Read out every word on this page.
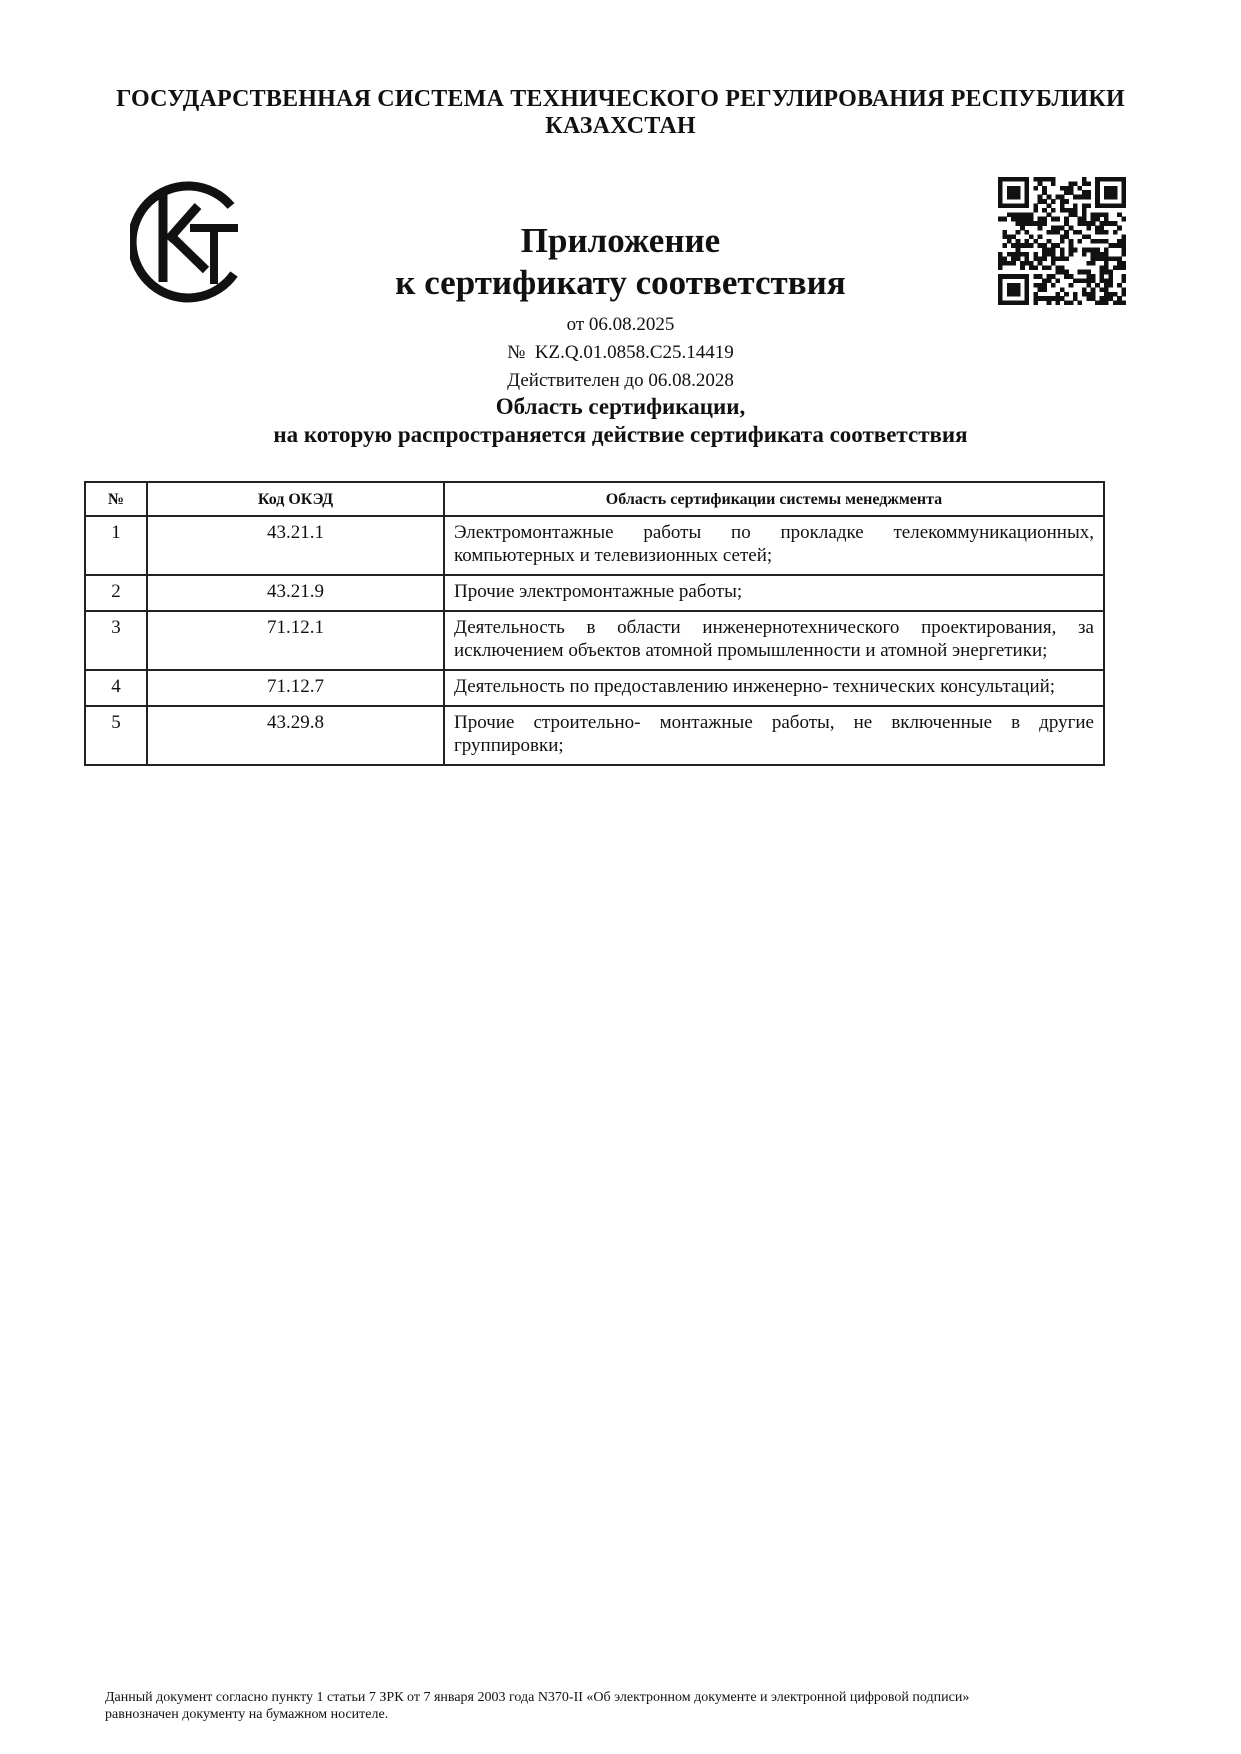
ГОСУДАРСТВЕННАЯ СИСТЕМА ТЕХНИЧЕСКОГО РЕГУЛИРОВАНИЯ РЕСПУБЛИКИ
КАЗАХСТАН
Приложение
к сертификату соответствия
от 06.08.2025
№  KZ.Q.01.0858.C25.14419
Действителен до 06.08.2028
Область сертификации,
на которую распространяется действие сертификата соответствия
№	Код ОКЭД	Область сертификации системы менеджмента
1	43.21.1	Электромонтажные работы по прокладке телекоммуникационных, компьютерных и телевизионных сетей;
2	43.21.9	Прочие электромонтажные работы;
3	71.12.1	Деятельность в области инженернотехнического проектирования, за исключением объектов атомной промышленности и атомной энергетики;
4	71.12.7	Деятельность по предоставлению инженерно- технических консультаций;
5	43.29.8	Прочие строительно- монтажные работы, не включенные в другие группировки;
Данный документ согласно пункту 1 статьи 7 ЗРК от 7 января 2003 года N370-II «Об электронном документе и электронной цифровой подписи»
равнозначен документу на бумажном носителе.
